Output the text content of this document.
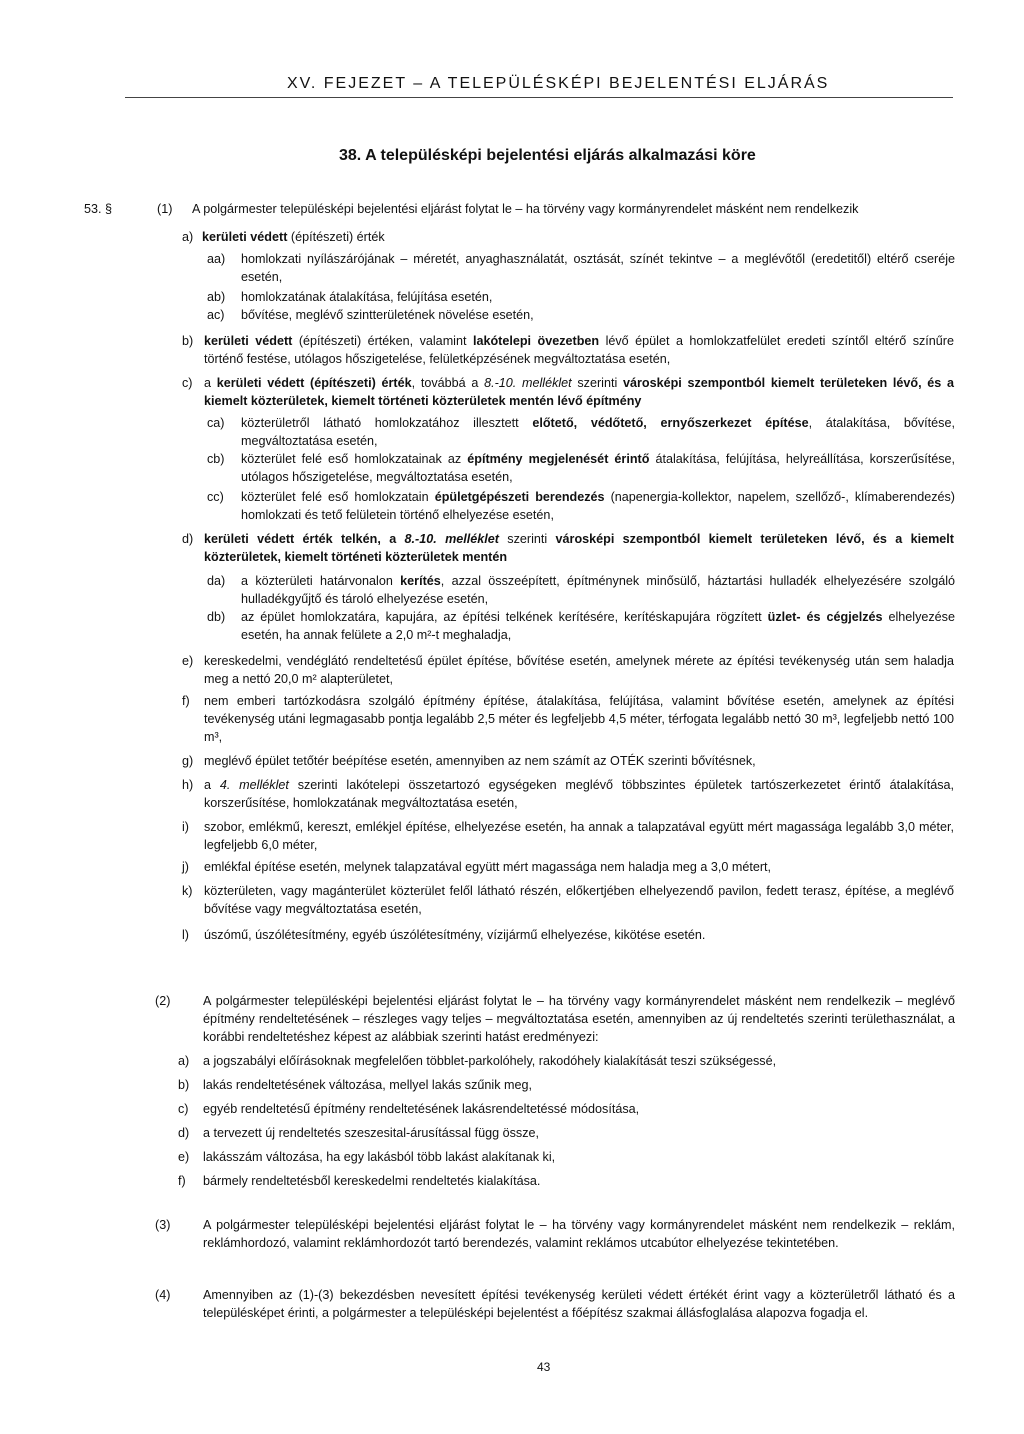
XV. FEJEZET – A TELEPÜLÉSKÉPI BEJELENTÉSI ELJÁRÁS
38. A településképi bejelentési eljárás alkalmazási köre
53. §	(1) A polgármester településképi bejelentési eljárást folytat le – ha törvény vagy kormányrendelet másként nem rendelkezik
a) kerületi védett (építészeti) érték
aa) homlokzati nyílászárójának – méretét, anyaghasználatát, osztását, színét tekintve – a meglévőtől (eredetitől) eltérő cseréje esetén,
ab) homlokzatának átalakítása, felújítása esetén,
ac) bővítése, meglévő szintterületének növelése esetén,
b) kerületi védett (építészeti) értéken, valamint lakótelepi övezetben lévő épület a homlokzatfelület eredeti színtől eltérő színűre történő festése, utólagos hőszigetelése, felületképzésének megváltoztatása esetén,
c) a kerületi védett (építészeti) érték, továbbá a 8.-10. melléklet szerinti városképi szempontból kiemelt területeken lévő, és a kiemelt közterületek, kiemelt történeti közterületek mentén lévő építmény
ca) közterületről látható homlokzatához illesztett előtető, védőtető, ernyőszerkezet építése, átalakítása, bővítése, megváltoztatása esetén,
cb) közterület felé eső homlokzatainak az építmény megjelenését érintő átalakítása, felújítása, helyreállítása, korszerűsítése, utólagos hőszigetelése, megváltoztatása esetén,
cc) közterület felé eső homlokzatain épületgépészeti berendezés (napenergia-kollektor, napelem, szellőző-, klímaberendezés) homlokzati és tető felületein történő elhelyezése esetén,
d) kerületi védett érték telkén, a 8.-10. melléklet szerinti városképi szempontból kiemelt területeken lévő, és a kiemelt közterületek, kiemelt történeti közterületek mentén
da) a közterületi határvonalon kerítés, azzal összeépített, építménynek minősülő, háztartási hulladék elhelyezésére szolgáló hulladékgyűjtő és tároló elhelyezése esetén,
db) az épület homlokzatára, kapujára, az építési telkének kerítésére, kerítéskapujára rögzített üzlet- és cégjelzés elhelyezése esetén, ha annak felülete a 2,0 m²-t meghaladja,
e) kereskedelmi, vendéglátó rendeltetésű épület építése, bővítése esetén, amelynek mérete az építési tevékenység után sem haladja meg a nettó 20,0 m² alapterületet,
f) nem emberi tartózkodásra szolgáló építmény építése, átalakítása, felújítása, valamint bővítése esetén, amelynek az építési tevékenység utáni legmagasabb pontja legalább 2,5 méter és legfeljebb 4,5 méter, térfogata legalább nettó 30 m³, legfeljebb nettó 100 m³,
g) meglévő épület tetőtér beépítése esetén, amennyiben az nem számít az OTÉK szerinti bővítésnek,
h) a 4. melléklet szerinti lakótelepi összetartozó egységeken meglévő többszintes épületek tartószerkezetet érintő átalakítása, korszerűsítése, homlokzatának megváltoztatása esetén,
i) szobor, emlékmű, kereszt, emlékjel építése, elhelyezése esetén, ha annak a talapzatával együtt mért magassága legalább 3,0 méter, legfeljebb 6,0 méter,
j) emlékfal építése esetén, melynek talapzatával együtt mért magassága nem haladja meg a 3,0 métert,
k) közterületen, vagy magánterület közterület felől látható részén, előkertjében elhelyezendő pavilon, fedett terasz, építése, a meglévő bővítése vagy megváltoztatása esetén,
l) úszómű, úszólétesítmény, egyéb úszólétesítmény, vízijármű elhelyezése, kikötése esetén.
(2)	A polgármester településképi bejelentési eljárást folytat le – ha törvény vagy kormányrendelet másként nem rendelkezik – meglévő építmény rendeltetésének – részleges vagy teljes – megváltoztatása esetén, amennyiben az új rendeltetés szerinti területhasználat, a korábbi rendeltetéshez képest az alábbiak szerinti hatást eredményezi:
a) a jogszabályi előírásoknak megfelelően többlet-parkolóhely, rakodóhely kialakítását teszi szükségessé,
b) lakás rendeltetésének változása, mellyel lakás szűnik meg,
c) egyéb rendeltetésű építmény rendeltetésének lakásrendeltetéssé módosítása,
d) a tervezett új rendeltetés szeszesital-árusítással függ össze,
e) lakásszám változása, ha egy lakásból több lakást alakítanak ki,
f) bármely rendeltetésből kereskedelmi rendeltetés kialakítása.
(3)	A polgármester településképi bejelentési eljárást folytat le – ha törvény vagy kormányrendelet másként nem rendelkezik – reklám, reklámhordozó, valamint reklámhordozót tartó berendezés, valamint reklámos utcabútor elhelyezése tekintetében.
(4)	Amennyiben az (1)-(3) bekezdésben nevesített építési tevékenység kerületi védett értékét érint vagy a közterületről látható és a településképet érinti, a polgármester a településképi bejelentést a főépítész szakmai állásfoglalása alapozva fogadja el.
43
